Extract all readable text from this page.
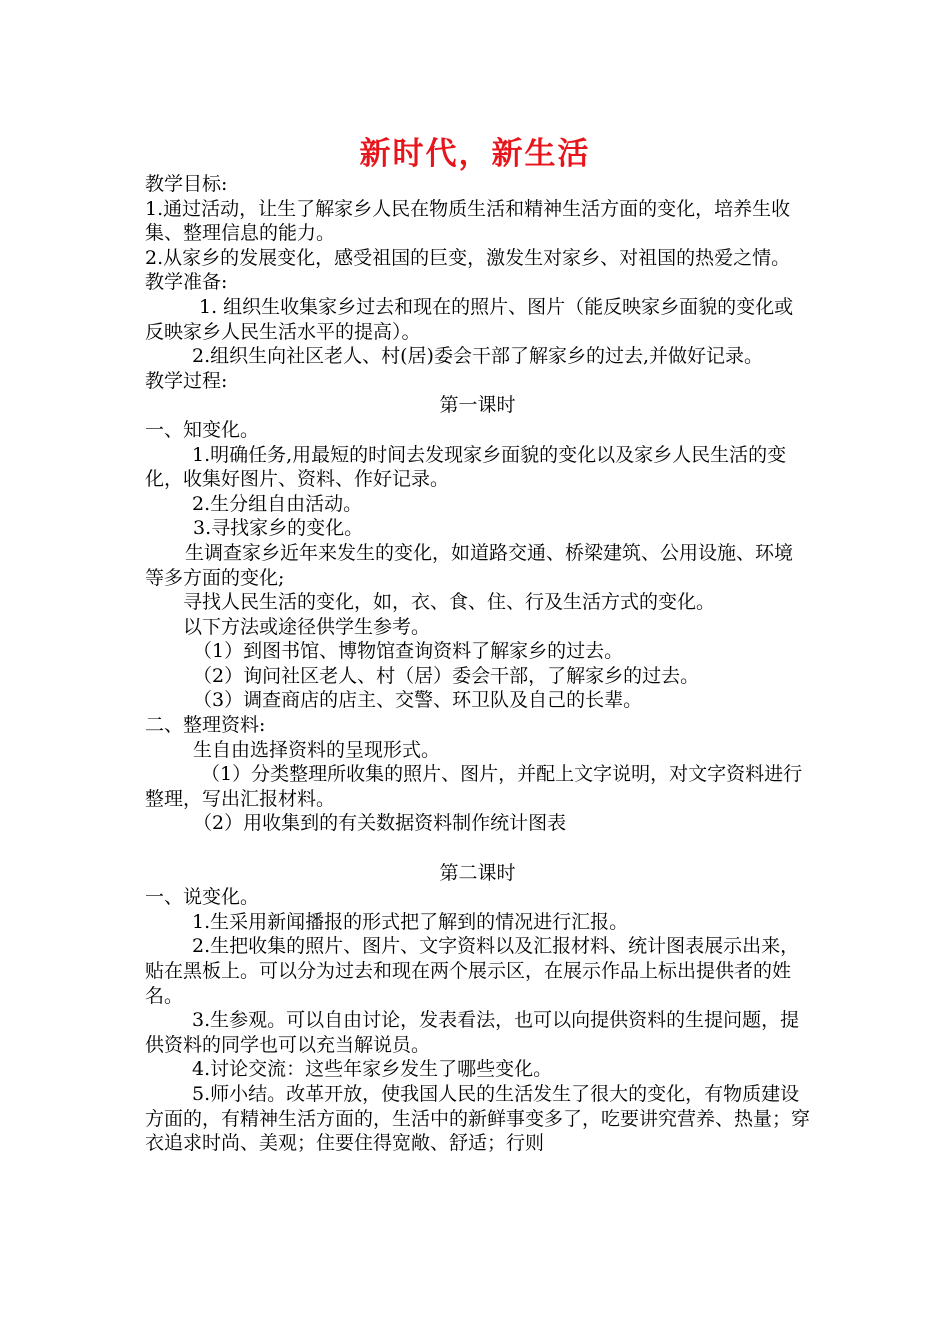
新时代，新生活

教学目标:

1.通过活动，让生了解家乡人民在物质生活和精神生活方面的变化，培养生收集、整理信息的能力。

2.从家乡的发展变化，感受祖国的巨变，激发生对家乡、对祖国的热爱之情。

教学准备:

1. 组织生收集家乡过去和现在的照片、图片（能反映家乡面貌的变化或反映家乡人民生活水平的提高）。

2.组织生向社区老人、村(居)委会干部了解家乡的过去,并做好记录。

教学过程:

第一课时

一、知变化。

1.明确任务,用最短的时间去发现家乡面貌的变化以及家乡人民生活的变化，收集好图片、资料、作好记录。

2.生分组自由活动。

3.寻找家乡的变化。

生调查家乡近年来发生的变化，如道路交通、桥梁建筑、公用设施、环境等多方面的变化;

寻找人民生活的变化，如，衣、食、住、行及生活方式的变化。

以下方法或途径供学生参考。

（1）到图书馆、博物馆查询资料了解家乡的过去。

（2）询问社区老人、村（居）委会干部，了解家乡的过去。

（3）调查商店的店主、交警、环卫队及自己的长辈。

二、整理资料:

生自由选择资料的呈现形式。

（1）分类整理所收集的照片、图片，并配上文字说明，对文字资料进行整理，写出汇报材料。

（2）用收集到的有关数据资料制作统计图表

第二课时

一、说变化。

1.生采用新闻播报的形式把了解到的情况进行汇报。

2.生把收集的照片、图片、文字资料以及汇报材料、统计图表展示出来，贴在黑板上。可以分为过去和现在两个展示区，在展示作品上标出提供者的姓名。

3.生参观。可以自由讨论，发表看法，也可以向提供资料的生提问题，提供资料的同学也可以充当解说员。

4.讨论交流：这些年家乡发生了哪些变化。

5.师小结。改革开放，使我国人民的生活发生了很大的变化，有物质建设方面的，有精神生活方面的，生活中的新鲜事变多了，吃要讲究营养、热量；穿衣追求时尚、美观；住要住得宽敞、舒适；行则
